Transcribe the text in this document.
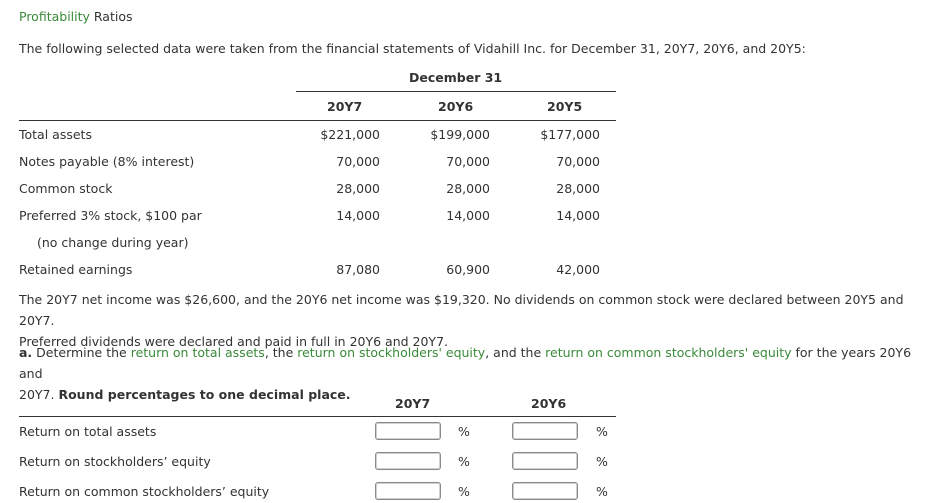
Profitability Ratios
The following selected data were taken from the financial statements of Vidahill Inc. for December 31, 20Y7, 20Y6, and 20Y5:
December 31
20Y7	20Y6	20Y5
Total assets	$221,000	$199,000	$177,000
Notes payable (8% interest)	70,000	70,000	70,000
Common stock	28,000	28,000	28,000
Preferred 3% stock, $100 par	14,000	14,000	14,000
(no change during year)
Retained earnings	87,080	60,900	42,000
The 20Y7 net income was $26,600, and the 20Y6 net income was $19,320. No dividends on common stock were declared between 20Y5 and 20Y7.
Preferred dividends were declared and paid in full in 20Y6 and 20Y7.
a. Determine the return on total assets, the return on stockholders' equity, and the return on common stockholders' equity for the years 20Y6 and
20Y7. Round percentages to one decimal place.
20Y7	20Y6
Return on total assets	%	%
Return on stockholders’ equity	%	%
Return on common stockholders’ equity	%	%
